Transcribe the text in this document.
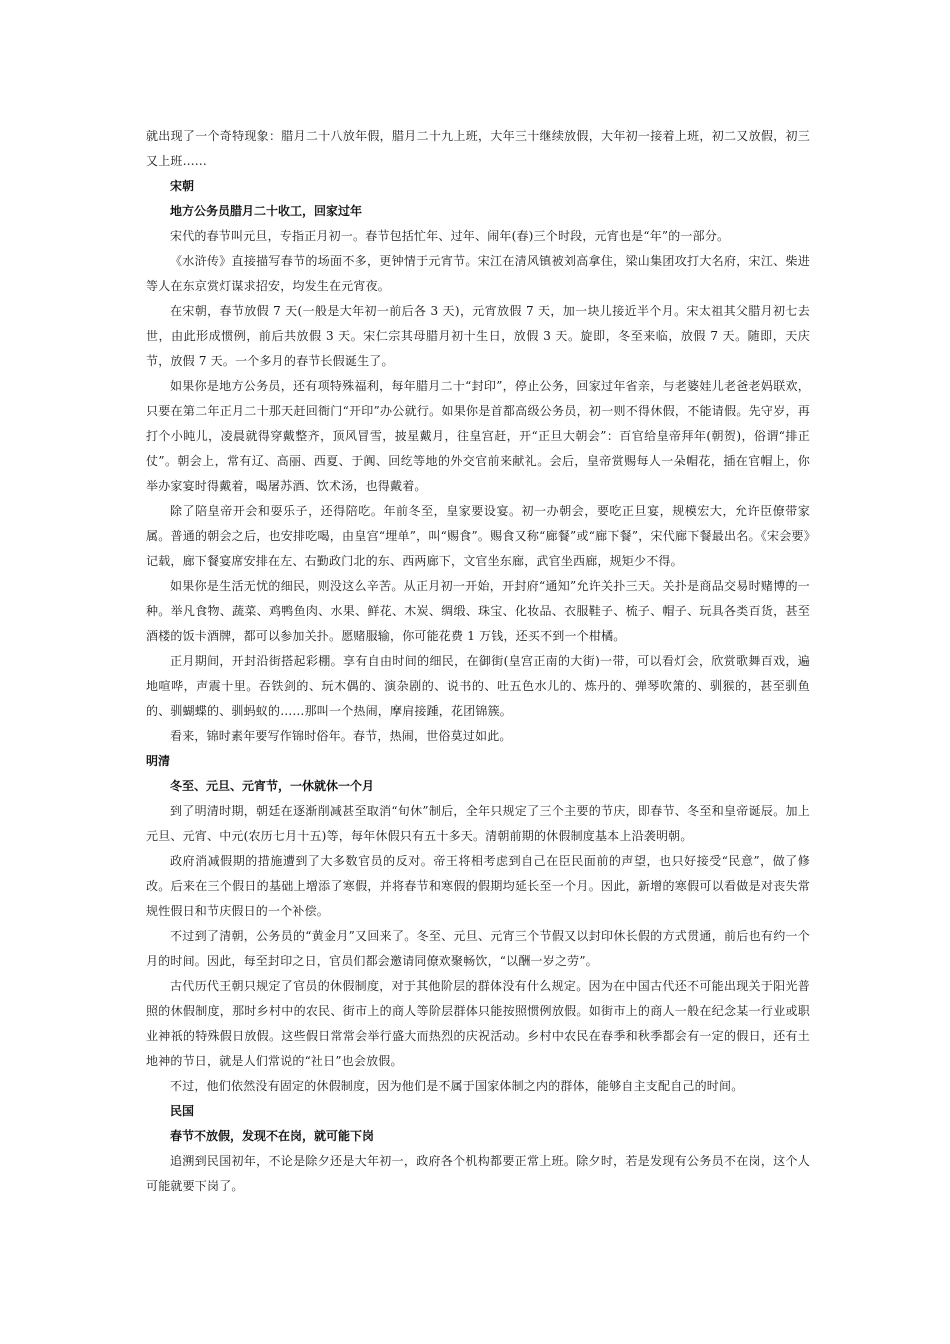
就出现了一个奇特现象：腊月二十八放年假，腊月二十九上班，大年三十继续放假，大年初一接着上班，初二又放假，初三又上班……

宋朝

地方公务员腊月二十收工，回家过年

宋代的春节叫元旦，专指正月初一。春节包括忙年、过年、闹年(春)三个时段，元宵也是“年”的一部分。

《水浒传》直接描写春节的场面不多，更钟情于元宵节。宋江在清风镇被刘高拿住，梁山集团攻打大名府，宋江、柴进等人在东京赏灯谋求招安，均发生在元宵夜。

在宋朝，春节放假 7 天(一般是大年初一前后各 3 天)，元宵放假 7 天，加一块儿接近半个月。宋太祖其父腊月初七去世，由此形成惯例，前后共放假 3 天。宋仁宗其母腊月初十生日，放假 3 天。旋即，冬至来临，放假 7 天。随即，天庆节，放假 7 天。一个多月的春节长假诞生了。

如果你是地方公务员，还有项特殊福利，每年腊月二十“封印”，停止公务，回家过年省亲，与老婆娃儿老爸老妈联欢，只要在第二年正月二十那天赶回衙门“开印”办公就行。如果你是首都高级公务员，初一则不得休假，不能请假。先守岁，再打个小盹儿，凌晨就得穿戴整齐，顶风冒雪，披星戴月，往皇宫赶，开“正旦大朝会”：百官给皇帝拜年(朝贺)，俗谓“排正仗”。朝会上，常有辽、高丽、西夏、于阗、回纥等地的外交官前来献礼。会后，皇帝赏赐每人一朵帽花，插在官帽上，你举办家宴时得戴着，喝屠苏酒、饮术汤，也得戴着。

除了陪皇帝开会和耍乐子，还得陪吃。年前冬至，皇家要设宴。初一办朝会，要吃正旦宴，规模宏大，允许臣僚带家属。普通的朝会之后，也安排吃喝，由皇宫“埋单”，叫“赐食”。赐食又称“廊餐”或“廊下餐”，宋代廊下餐最出名。《宋会要》记载，廊下餐宴席安排在左、右勤政门北的东、西两廊下，文官坐东廊，武官坐西廊，规矩少不得。

如果你是生活无忧的细民，则没这么辛苦。从正月初一开始，开封府“通知”允许关扑三天。关扑是商品交易时赌博的一种。举凡食物、蔬菜、鸡鸭鱼肉、水果、鲜花、木炭、绸缎、珠宝、化妆品、衣服鞋子、梳子、帽子、玩具各类百货，甚至酒楼的饭卡酒牌，都可以参加关扑。愿赌服输，你可能花费 1 万钱，还买不到一个柑橘。

正月期间，开封沿街搭起彩棚。享有自由时间的细民，在御街(皇宫正南的大街)一带，可以看灯会，欣赏歌舞百戏，遍地喧哗，声震十里。吞铁剑的、玩木偶的、演杂剧的、说书的、吐五色水儿的、炼丹的、弹琴吹箫的、驯猴的，甚至驯鱼的、驯蝴蝶的、驯蚂蚁的……那叫一个热闹，摩肩接踵，花团锦簇。

看来，锦时素年要写作锦时俗年。春节，热闹，世俗莫过如此。

明清

冬至、元旦、元宵节，一休就休一个月

到了明清时期，朝廷在逐渐削减甚至取消“旬休”制后，全年只规定了三个主要的节庆，即春节、冬至和皇帝诞辰。加上元旦、元宵、中元(农历七月十五)等，每年休假只有五十多天。清朝前期的休假制度基本上沿袭明朝。

政府消减假期的措施遭到了大多数官员的反对。帝王将相考虑到自己在臣民面前的声望，也只好接受“民意”，做了修改。后来在三个假日的基础上增添了寒假，并将春节和寒假的假期均延长至一个月。因此，新增的寒假可以看做是对丧失常规性假日和节庆假日的一个补偿。

不过到了清朝，公务员的“黄金月”又回来了。冬至、元旦、元宵三个节假又以封印休长假的方式贯通，前后也有约一个月的时间。因此，每至封印之日，官员们都会邀请同僚欢聚畅饮，“以酬一岁之劳”。

古代历代王朝只规定了官员的休假制度，对于其他阶层的群体没有什么规定。因为在中国古代还不可能出现关于阳光普照的休假制度，那时乡村中的农民、街市上的商人等阶层群体只能按照惯例放假。如街市上的商人一般在纪念某一行业或职业神祇的特殊假日放假。这些假日常常会举行盛大而热烈的庆祝活动。乡村中农民在春季和秋季都会有一定的假日，还有土地神的节日，就是人们常说的“社日”也会放假。

不过，他们依然没有固定的休假制度，因为他们是不属于国家体制之内的群体，能够自主支配自己的时间。

民国

春节不放假，发现不在岗，就可能下岗

追溯到民国初年，不论是除夕还是大年初一，政府各个机构都要正常上班。除夕时，若是发现有公务员不在岗，这个人可能就要下岗了。
